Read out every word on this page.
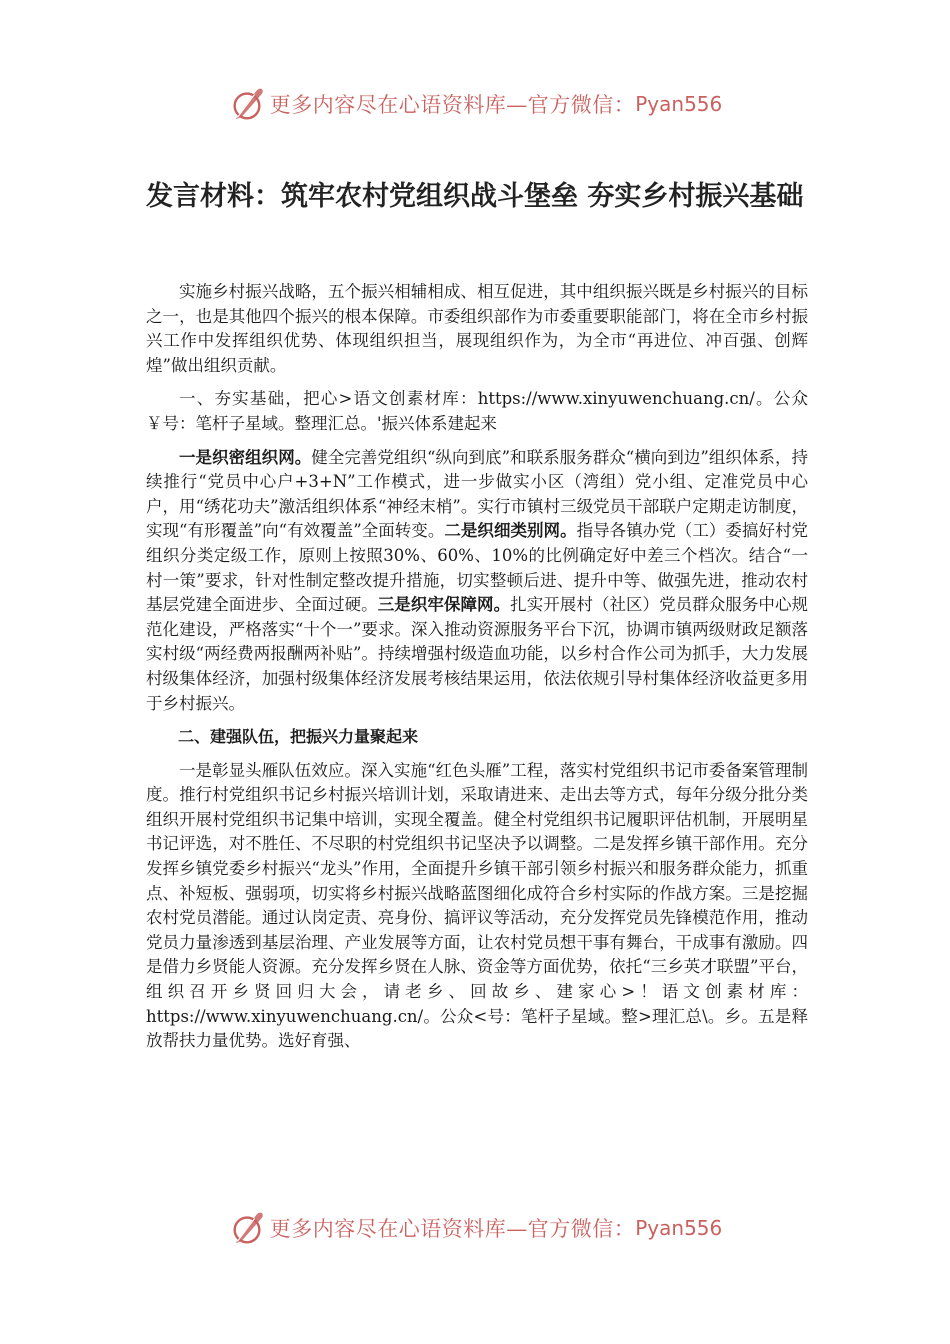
更多内容尽在心语资料库—官方微信： Pyan556
发言材料：筑牢农村党组织战斗堡垒 夯实乡村振兴基础

实施乡村振兴战略，五个振兴相辅相成、相互促进，其中组织振兴既是乡村振兴的目标之一，也是其他四个振兴的根本保障。市委组织部作为市委重要职能部门，将在全市乡村振兴工作中发挥组织优势、体现组织担当，展现组织作为，为全市“再进位、冲百强、创辉煌”做出组织贡献。

一、夯实基础，把心>语文创素材库：https://www.xinyuwenchuang.cn/。公众￥号：笔杆子星域。整理汇总。'振兴体系建起来

一是织密组织网。健全完善党组织“纵向到底”和联系服务群众“横向到边”组织体系，持续推行“党员中心户+3+N”工作模式，进一步做实小区（湾组）党小组、定准党员中心户，用“绣花功夫”激活组织体系“神经末梢”。实行市镇村三级党员干部联户定期走访制度，实现“有形覆盖”向“有效覆盖”全面转变。二是织细类别网。指导各镇办党（工）委搞好村党组织分类定级工作，原则上按照30%、60%、10%的比例确定好中差三个档次。结合“一村一策”要求，针对性制定整改提升措施，切实整顿后进、提升中等、做强先进，推动农村基层党建全面进步、全面过硬。三是织牢保障网。扎实开展村（社区）党员群众服务中心规范化建设，严格落实“十个一”要求。深入推动资源服务平台下沉，协调市镇两级财政足额落实村级“两经费两报酬两补贴”。持续增强村级造血功能，以乡村合作公司为抓手，大力发展村级集体经济，加强村级集体经济发展考核结果运用，依法依规引导村集体经济收益更多用于乡村振兴。

二、建强队伍，把振兴力量聚起来

一是彰显头雁队伍效应。深入实施“红色头雁”工程，落实村党组织书记市委备案管理制度。推行村党组织书记乡村振兴培训计划，采取请进来、走出去等方式，每年分级分批分类组织开展村党组织书记集中培训，实现全覆盖。健全村党组织书记履职评估机制，开展明星书记评选，对不胜任、不尽职的村党组织书记坚决予以调整。二是发挥乡镇干部作用。充分发挥乡镇党委乡村振兴“龙头”作用，全面提升乡镇干部引领乡村振兴和服务群众能力，抓重点、补短板、强弱项，切实将乡村振兴战略蓝图细化成符合乡村实际的作战方案。三是挖掘农村党员潜能。通过认岗定责、亮身份、搞评议等活动，充分发挥党员先锋模范作用，推动党员力量渗透到基层治理、产业发展等方面，让农村党员想干事有舞台，干成事有激励。四是借力乡贤能人资源。充分发挥乡贤在人脉、资金等方面优势，依托“三乡英才联盟”平台，组织召开乡贤回归大会，请老乡、回故乡、建家心>！语文创素材库：https://www.xinyuwenchuang.cn/。公众<号：笔杆子星域。整>理汇总\。乡。五是释放帮扶力量优势。选好育强、

更多内容尽在心语资料库—官方微信： Pyan556
